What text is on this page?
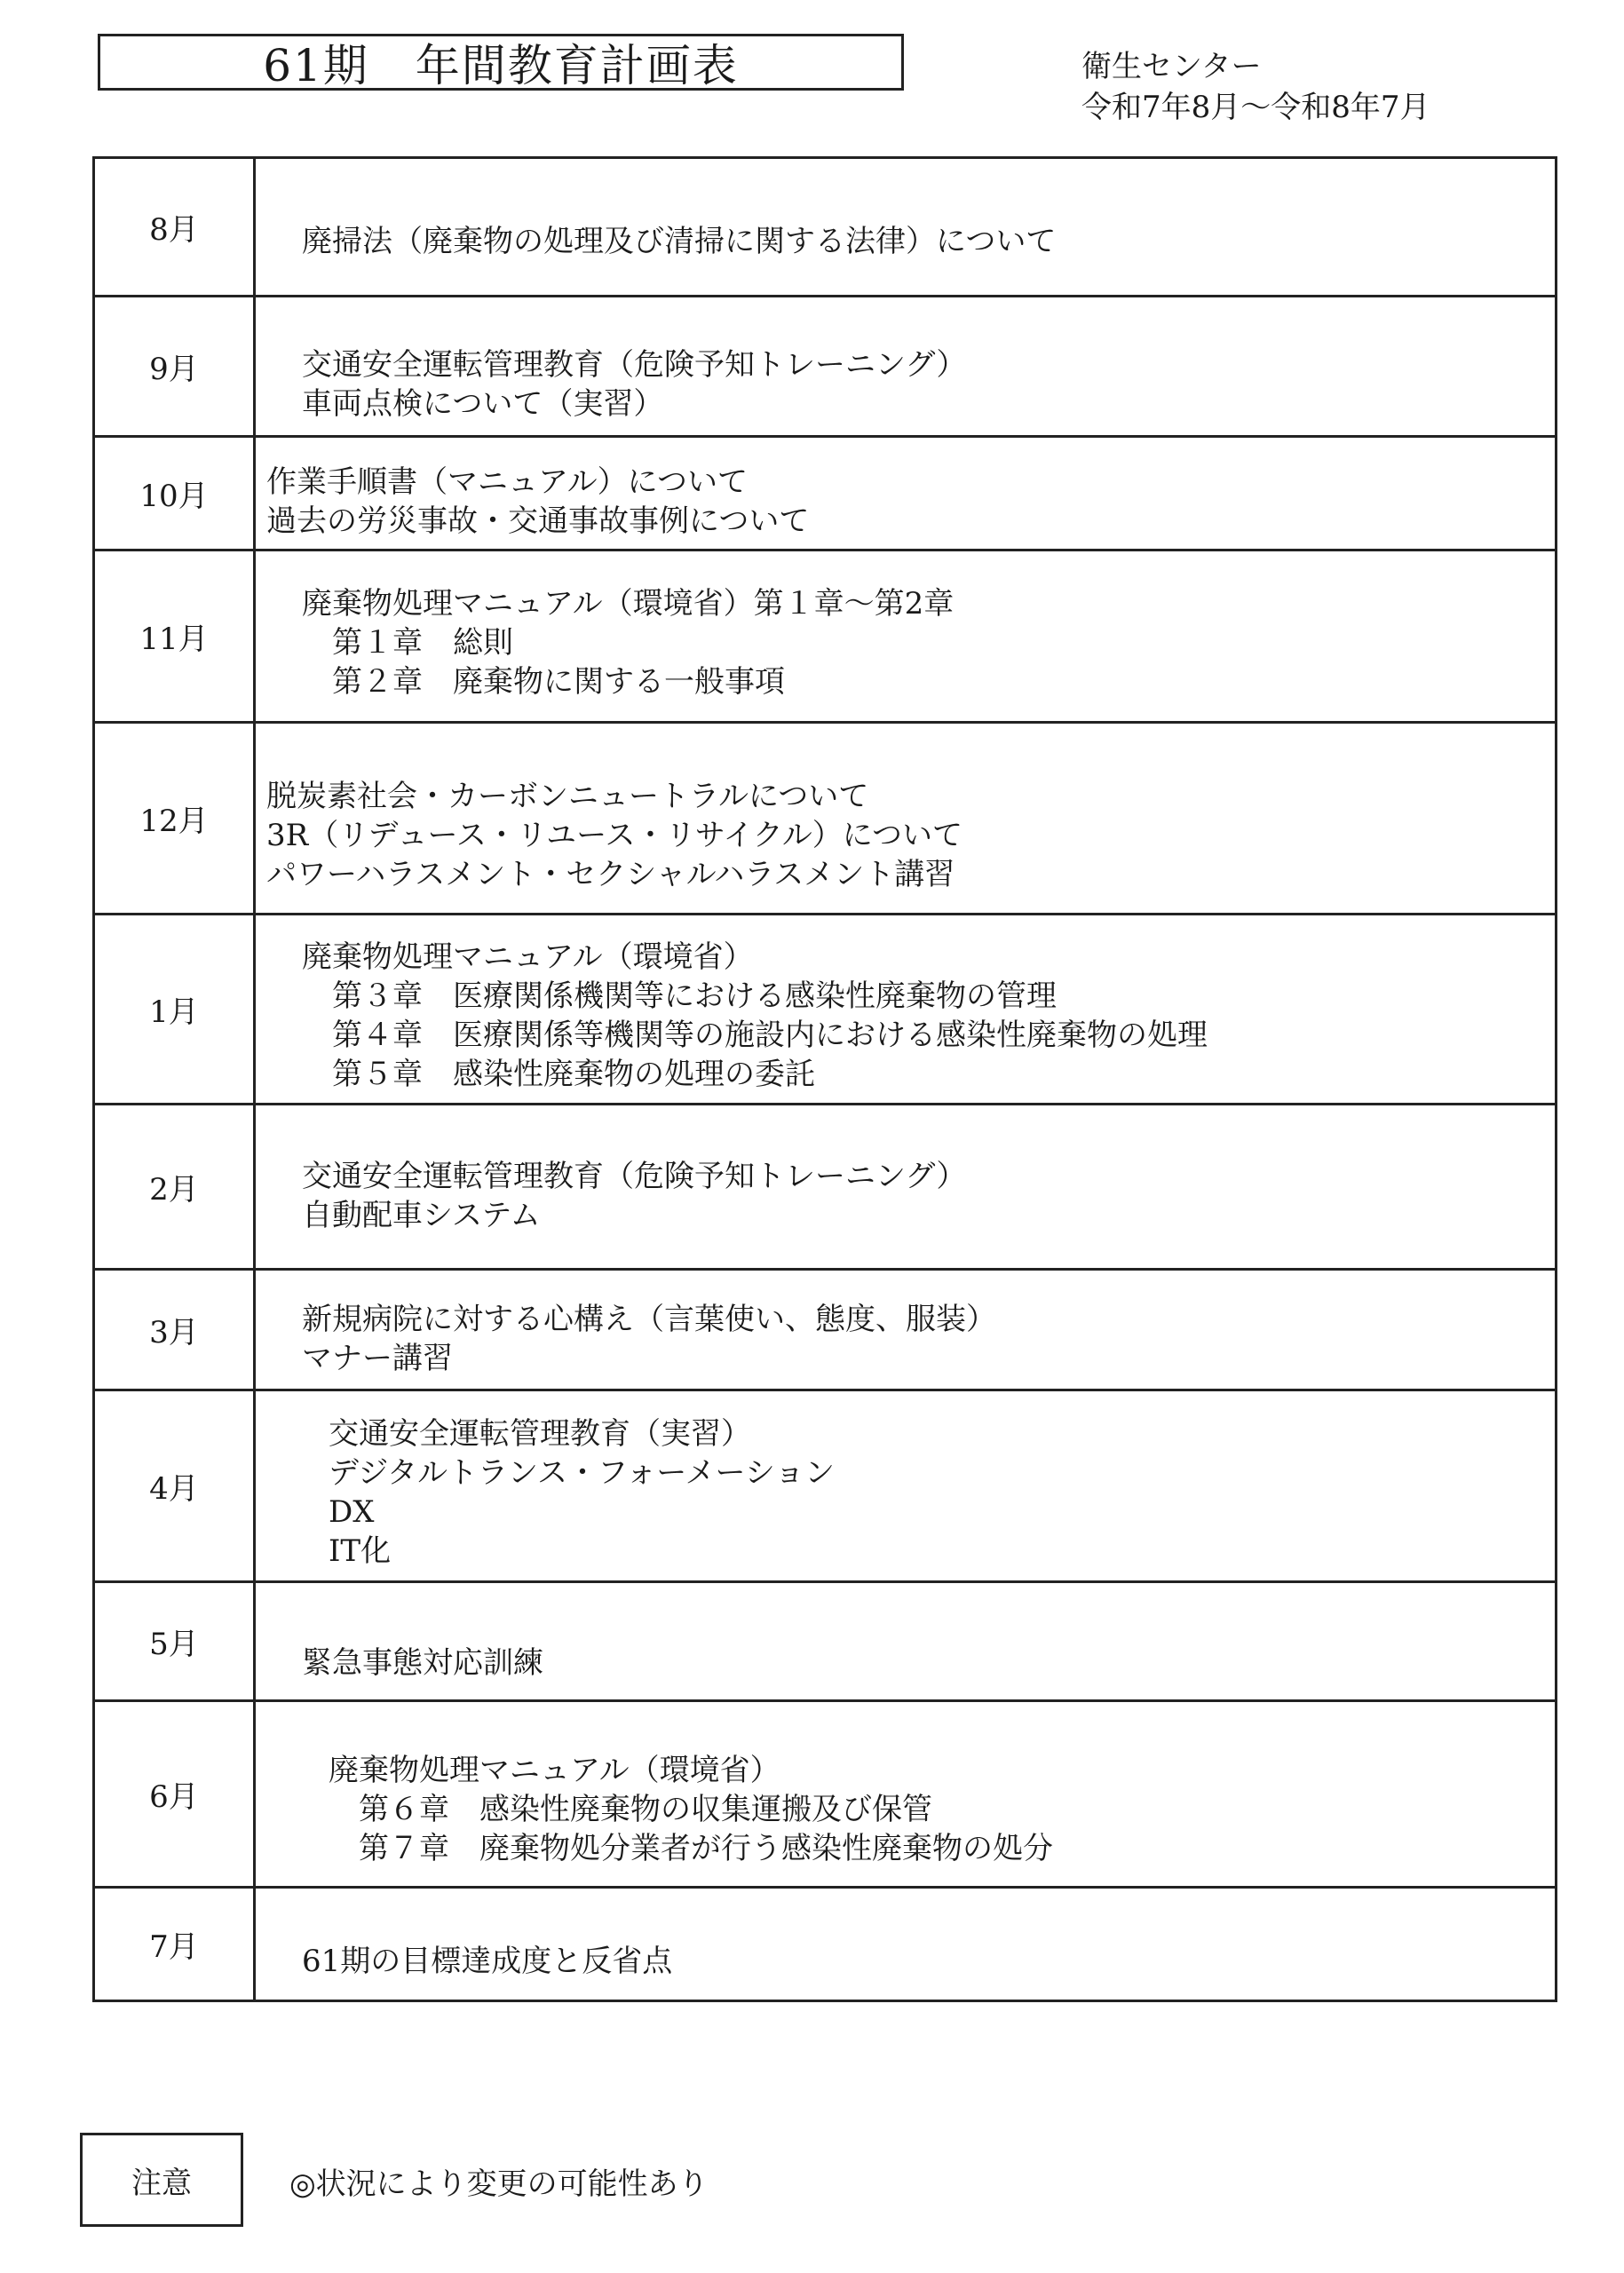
61期　年間教育計画表	衛生センター
令和7年8月～令和8年7月
8月	廃掃法（廃棄物の処理及び清掃に関する法律）について

9月	交通安全運転管理教育（危険予知トレーニング）
車両点検について（実習）

10月	作業手順書（マニュアル）について
過去の労災事故・交通事故事例について

11月	廃棄物処理マニュアル（環境省）第１章～第2章
　第１章　総則
　第２章　廃棄物に関する一般事項

12月	脱炭素社会・カーボンニュートラルについて
3R（リデュース・リユース・リサイクル）について
パワーハラスメント・セクシャルハラスメント講習

1月	廃棄物処理マニュアル（環境省）
　第３章　医療関係機関等における感染性廃棄物の管理
　第４章　医療関係等機関等の施設内における感染性廃棄物の処理
　第５章　感染性廃棄物の処理の委託

2月	交通安全運転管理教育（危険予知トレーニング）
自動配車システム

3月	新規病院に対する心構え（言葉使い、態度、服装）
マナー講習

4月	交通安全運転管理教育（実習）
デジタルトランス・フォーメーション
DX
IT化

5月	緊急事態対応訓練

6月	廃棄物処理マニュアル（環境省）
　第６章　感染性廃棄物の収集運搬及び保管
　第７章　廃棄物処分業者が行う感染性廃棄物の処分

7月	61期の目標達成度と反省点
注意	◎状況により変更の可能性あり
